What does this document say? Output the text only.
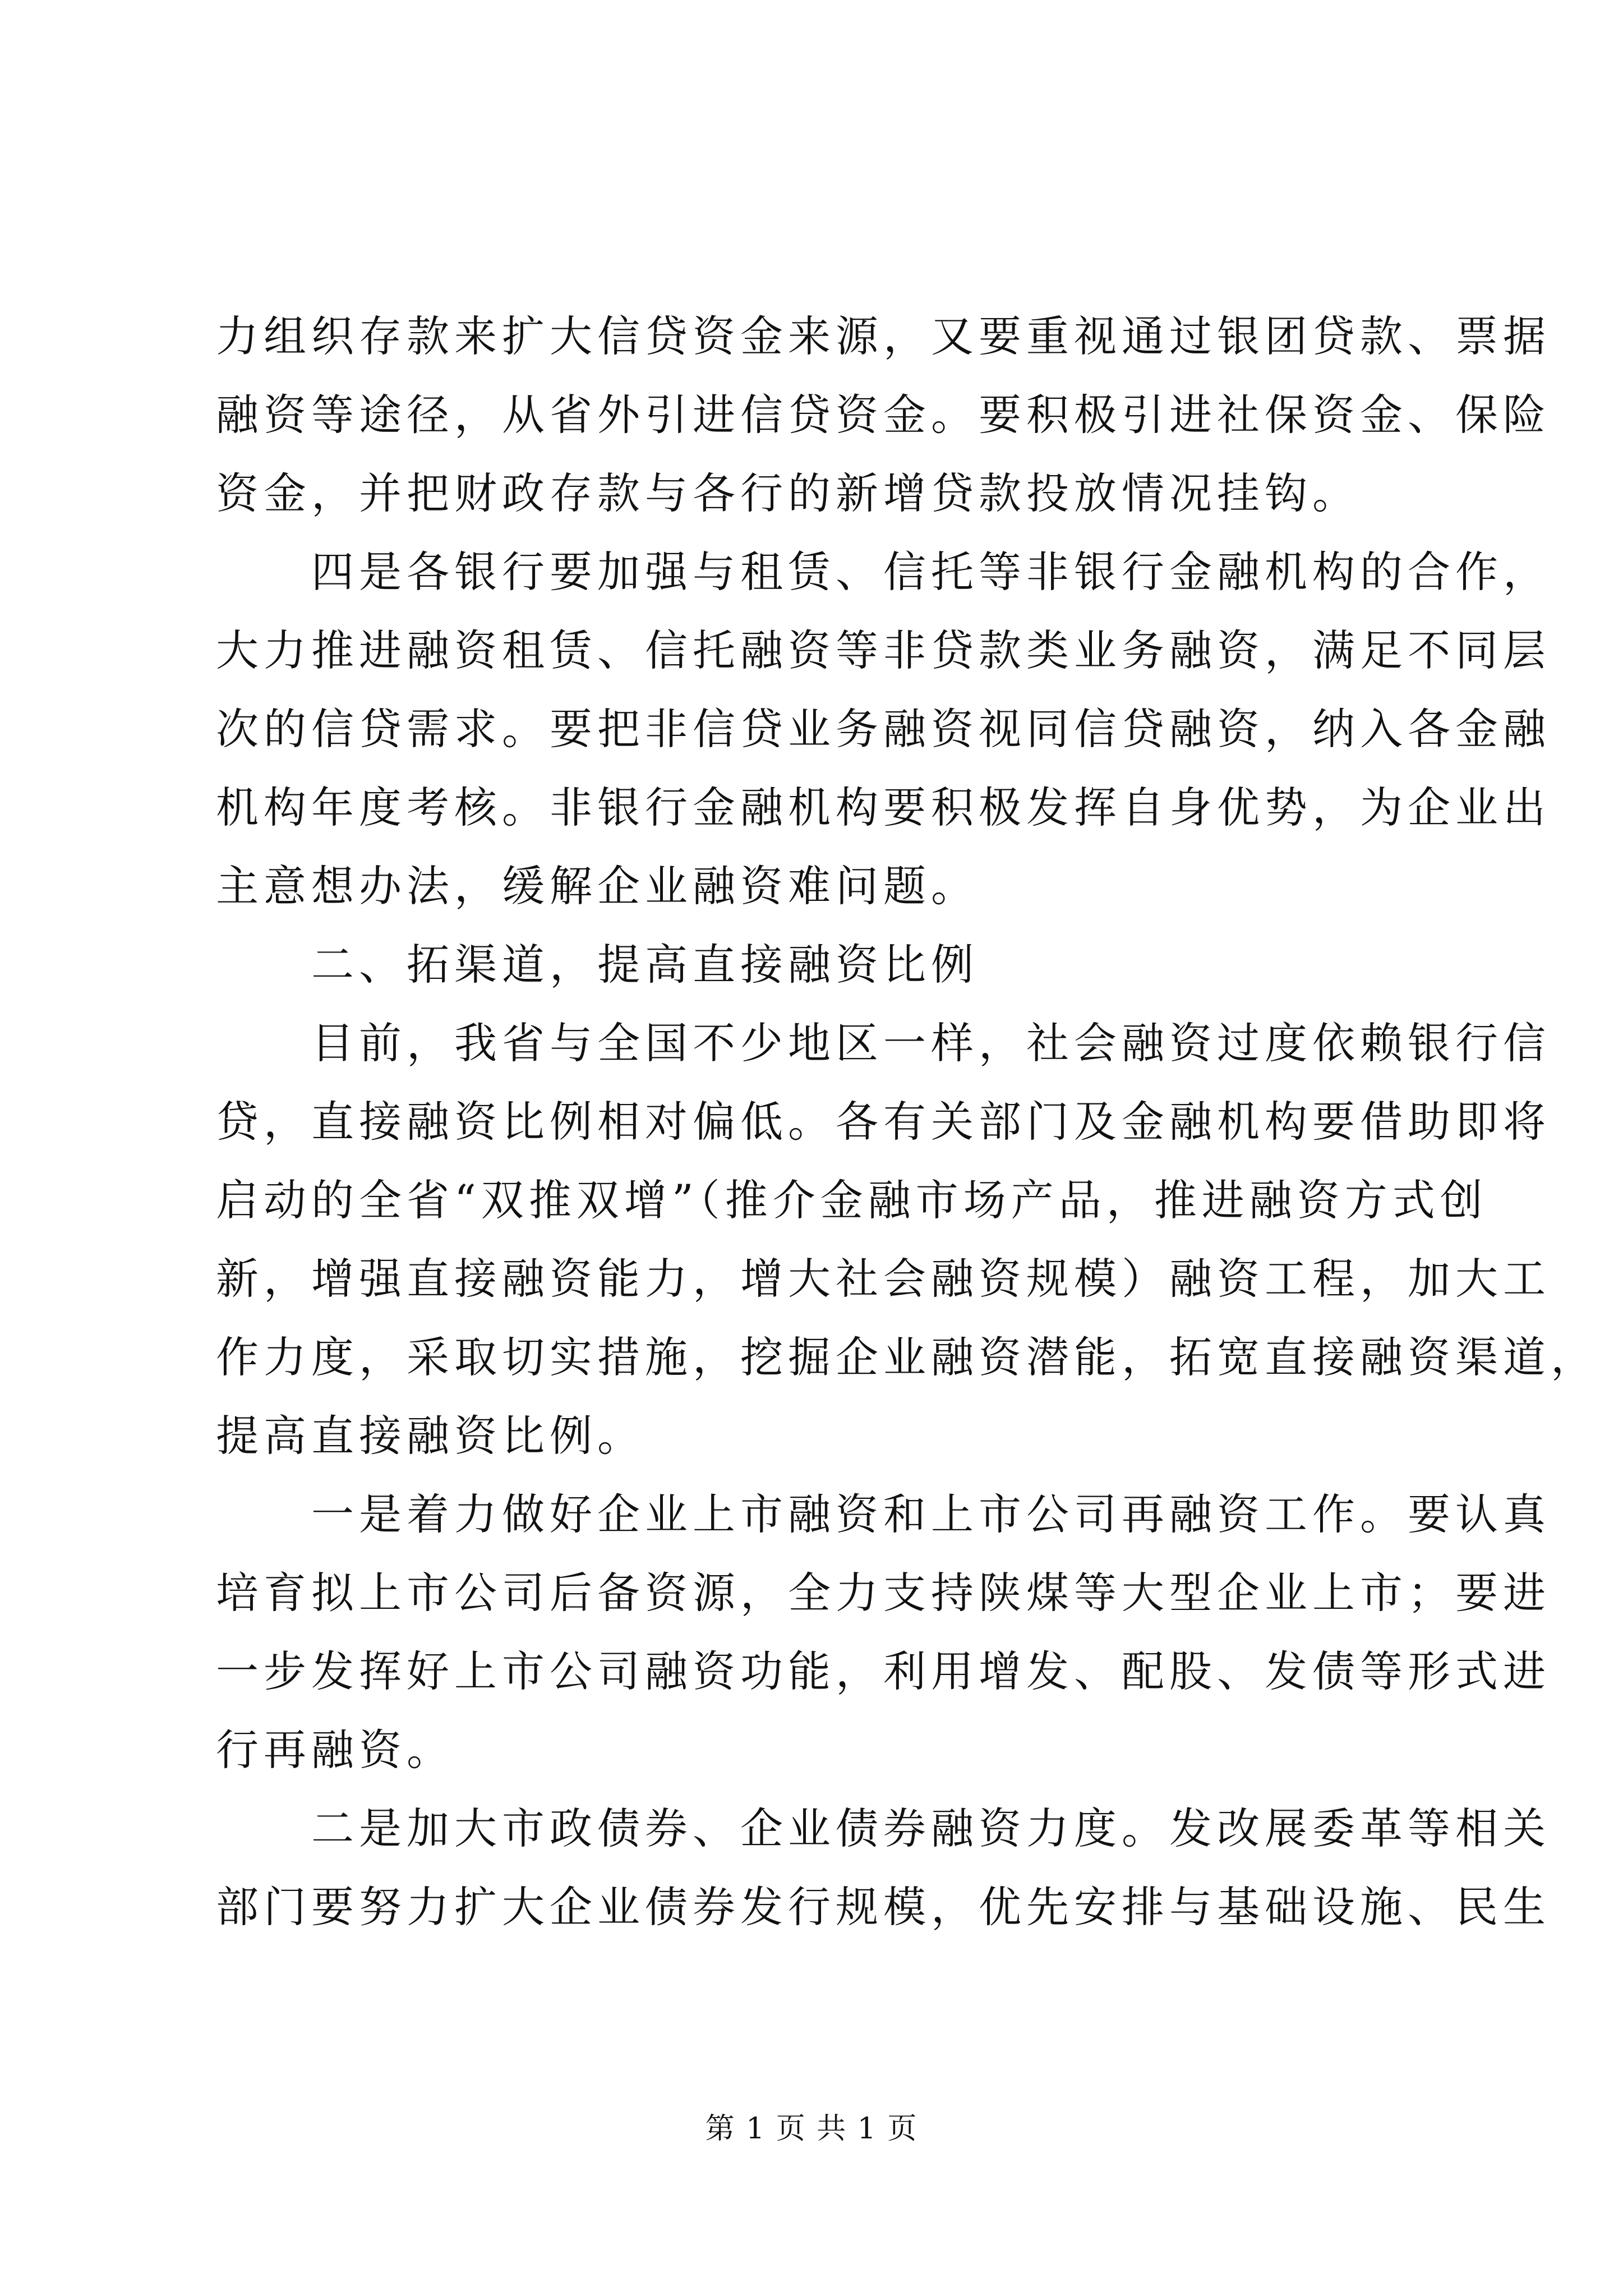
力组织存款来扩大信贷资金来源，又要重视通过银团贷款、票据
融资等途径，从省外引进信贷资金。要积极引进社保资金、保险
资金，并把财政存款与各行的新增贷款投放情况挂钩。
四是各银行要加强与租赁、信托等非银行金融机构的合作，
大力推进融资租赁、信托融资等非贷款类业务融资，满足不同层
次的信贷需求。要把非信贷业务融资视同信贷融资，纳入各金融
机构年度考核。非银行金融机构要积极发挥自身优势，为企业出
主意想办法，缓解企业融资难问题。
二、拓渠道，提高直接融资比例
目前，我省与全国不少地区一样，社会融资过度依赖银行信
贷，直接融资比例相对偏低。各有关部门及金融机构要借助即将
启动的全省“双推双增”（推介金融市场产品，推进融资方式创
新，增强直接融资能力，增大社会融资规模）融资工程，加大工
作力度，采取切实措施，挖掘企业融资潜能，拓宽直接融资渠道，
提高直接融资比例。
一是着力做好企业上市融资和上市公司再融资工作。要认真
培育拟上市公司后备资源，全力支持陕煤等大型企业上市；要进
一步发挥好上市公司融资功能，利用增发、配股、发债等形式进
行再融资。
二是加大市政债券、企业债券融资力度。发改展委革等相关
部门要努力扩大企业债券发行规模，优先安排与基础设施、民生
第 1 页 共 1 页
